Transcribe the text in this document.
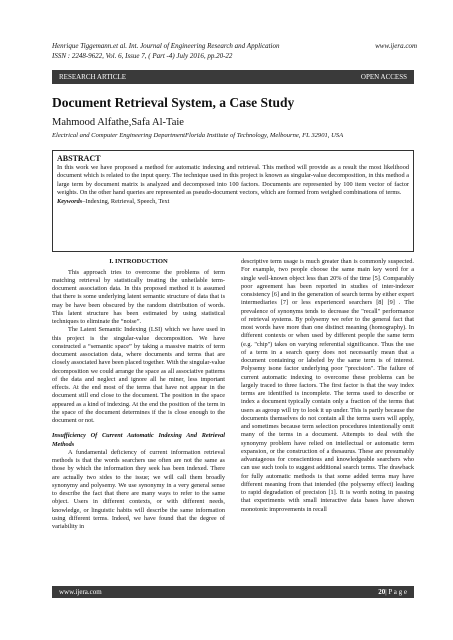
Henrique Tiggemann.et al. Int. Journal of Engineering Research and Application	www.ijera.com
ISSN : 2248-9622, Vol. 6, Issue 7, ( Part -4) July 2016, pp.20-22
RESEARCH ARTICLE	OPEN ACCESS
Document Retrieval System, a Case Study
Mahmood Alfathe,Safa Al-Taie
Electrical and Computer Engineering DepartmentFlorida Institute of Technology, Melbourne, FL 32901, USA
ABSTRACT
In this work we have proposed a method for automatic indexing and retrieval. This method will provide as a result the most likelihood document which is related to the input query. The technique used in this project is known as singular-value decomposition, in this method a large term by document matrix is analyzed and decomposed into 100 factors. Documents are represented by 100 item vector of factor weights. On the other hand queries are represented as pseudo-document vectors, which are formed from weighed combinations of terms.
Keywords–Indexing, Retrieval, Speech, Text
I. INTRODUCTION

This approach tries to overcome the problems of term matching retrieval by statistically treating the unheilable term-document association data. In this proposed method it is assumed that there is some underlying latent semantic structure of data that is may be have been obscured by the random distribution of words. This latent structure has been estimated by using statistical techniques to eliminate the “noise”.

The Latent Semantic Indexing (LSI) which we have used in this project is the singular-value decomposition. We have constructed a “semantic space” by taking a massive matrix of term document association data, where documents and terms that are closely associated have been placed together. With the singular-value decomposition we could arrange the space as all associative patterns of the data and neglect and ignore all he miner, less important effects. At the end most of the terms that have not appear in the document still end close to the document. The position in the space appeared as a kind of indexing. At the end the position of the term in the space of the document determines if the is close enough to the document or not.

Insufficiency Of Current Automatic Indexing And Retrieval Methods

A fundamental deficiency of current information retrieval methods is that the words searchers use often are not the same as those by which the information they seek has been indexed. There are actually two sides to the issue; we will call them broadly synonymy and polysemy. We use synonymy in a very general sense to describe the fact that there are many ways to refer to the same object. Users in different contexts, or with different needs, knowledge, or linguistic habits will describe the same information using different terms. Indeed, we have found that the degree of variability in

descriptive term usage is much greater than is commonly suspected. For example, two people choose the same main key word for a single well-known object less than 20% of the time [5]. Comparably poor agreement has been reported in studies of inter-indexer consistency [6] and in the generation of search terms by either expert intermediaries [7] or less experienced searchers [8] [9] . The prevalence of synonyms tends to decrease the "recall" performance of retrieval systems. By polysemy we refer to the general fact that most words have more than one distinct meaning (homography). In different contexts or when used by different people the same term (e.g. "chip") takes on varying referential significance. Thus the use of a term in a search query does not necessarily mean that a document containing or labeled by the same term is of interest. Polysemy isone factor underlying poor "precision". The failure of current automatic indexing to overcome these problems can be largely traced to three factors. The first factor is that the way index terms are identified is incomplete. The terms used to describe or index a document typically contain only a fraction of the terms that users as agroup will try to look it up under. This is partly because the documents themselves do not contain all the terms users will apply, and sometimes because term selection procedures intentionally omit many of the terms in a document. Attempts to deal with the synonymy problem have relied on intellectual or automatic term expansion, or the construction of a thesaurus. These are presumably advantageous for conscientious and knowledgeable searchers who can use such tools to suggest additional search terms. The drawback for fully automatic methods is that some added terms may have different meaning from that intended (the polysemy effect) leading to rapid degradation of precision [1]. It is worth noting in passing that experiments with small interactive data bases have shown monotonic improvements in recall

www.ijera.com	20| P a g e
